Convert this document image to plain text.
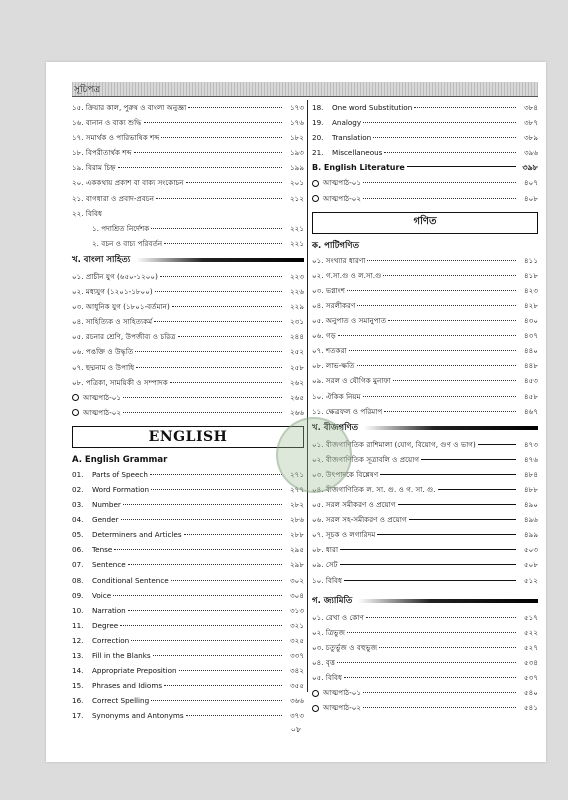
সূচিপত্র
১৫. ক্রিয়ার কাল, পুরুষ ও বাংলা অনুজ্ঞা	১৭৩
১৬. বানান ও বাক্য শুদ্ধি	১৭৬
১৭. সমার্থক ও পারিভাষিক শব্দ	১৮২
১৮. বিপরীতার্থক শব্দ	১৯৩
১৯. বিরাম চিহ্ন	১৯৯
২০. এককথায় প্রকাশ বা বাক্য সংকোচন	২০১
২১. বাগধারা ও প্রবাদ-প্রবচন	২১২
২২. বিবিধ
১. পদাশ্রিত নির্দেশক	২২১
২. বচন ও বাচ্য পরিবর্তন	২২১
খ. বাংলা সাহিত্য
০১. প্রাচীন যুগ (৬৫০-১২০০)	২২৩
০২. মধ্যযুগ (১২০১-১৮০০)	২২৬
০৩. আধুনিক যুগ (১৮০১-বর্তমান)	২২৯
০৪. সাহিত্যিক ও সাহিত্যকর্ম	২৩১
০৫. রচনার শ্রেণি, উপজীব্য ও চরিত্র	২৪৪
০৬. পঙক্তি ও উদ্ধৃতি	২৫২
০৭. ছদ্মনাম ও উপাধি	২৫৮
০৮. পত্রিকা, সাময়িকী ও সম্পাদক	২৬২
আত্মপাঠ-০১	২৬৫
আত্মপাঠ-০২	২৬৬
ENGLISH
A. English Grammar
01. Parts of Speech	২৭১
02. Word Formation	২৭৭
03. Number	২৮২
04. Gender	২৮৬
05. Determiners and Articles	২৮৮
06. Tense	২৯৫
07. Sentence	২৯৮
08. Conditional Sentence	৩০২
09. Voice	৩০৪
10. Narration	৩১৩
11. Degree	৩২১
12. Correction	৩২৫
13. Fill in the Blanks	৩৩৭
14. Appropriate Preposition	৩৪২
15. Phrases and Idioms	৩৫৫
16. Correct Spelling	৩৬৬
17. Synonyms and Antonyms	৩৭৩
18. One word Substitution	৩৮৪
19. Analogy	৩৮৭
20. Translation	৩৮৯
21. Miscellaneous	৩৯৬
B. English Literature	৩৯৮
আত্মপাঠ-০১	৪০৭
আত্মপাঠ-০২	৪০৮
গণিত
ক. পাটিগণিত
০১. সংখ্যার ধারণা	৪১১
০২. গ.সা.গু ও ল.সা.গু	৪১৮
০৩. ভগ্নাংশ	৪২৩
০৪. সরলীকরণ	৪২৮
০৫. অনুপাত ও সমানুপাত	৪৩০
০৬. গড়	৪৩৭
০৭. শতকরা	৪৪০
০৮. লাভ-ক্ষতি	৪৪৮
০৯. সরল ও যৌগিক মুনাফা	৪৫৩
১০. ঐকিক নিয়ম	৪৫৮
১১. ক্ষেত্রফল ও পরিমাপ	৪৬৭
খ. বীজগণিত
০১. বীজগাণিতিক রাশিমালা (যোগ, বিয়োগ, গুণ ও ভাগ)	৪৭৩
০২. বীজগাণিতিক সূত্রাবলি ও প্রয়োগ	৪৭৬
০৩. উৎপাদকে বিশ্লেষণ	৪৮৪
০৪. বীজগাণিতিক ল. সা. গু. ও গ. সা. গু.	৪৮৮
০৫. সরল সমীকরণ ও প্রয়োগ	৪৯০
০৬. সরল সহ-সমীকরণ ও প্রয়োগ	৪৯৬
০৭. সূচক ও লগারিদম	৪৯৯
০৮. ধারা	৫০৩
০৯. সেট	৫০৮
১০. বিবিধ	৫১২
গ. জ্যামিতি
০১. রেখা ও কোণ	৫১৭
০২. ত্রিভুজ	৫২২
০৩. চতুর্ভুজ ও বহুভুজ	৫২৭
০৪. বৃত্ত	৫৩৪
০৫. বিবিধ	৫৩৭
আত্মপাঠ-০১	৫৪০
আত্মপাঠ-০২	৫৪১
০৮
